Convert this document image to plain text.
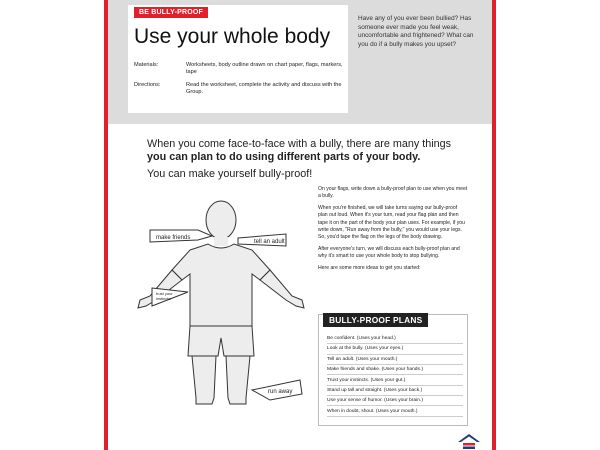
BE BULLY-PROOF
Use your whole body
Materials:	Worksheets, body outline drawn on chart paper, flags, markers, tape
Directions:	Read the worksheet, complete the activity and discuss with the Group.
Have any of you ever been bullied? Has someone ever made you feel weak, uncomfortable and frightened? What can you do if a bully makes you upset?
When you come face-to-face with a bully, there are many things
you can plan to do using different parts of your body.
You can make yourself bully-proof!
make friends
tell an adult
trust your
instincts
run away

On your flags, write down a bully-proof plan to use when you meet a bully.

When you're finished, we will take turns saying our bully-proof plan out loud. When it's your turn, read your flag plan and then tape it on the part of the body your plan uses. For example, if you write down, "Run away from the bully," you would use your legs. So, you'd tape the flag on the legs of the body drawing.

After everyone's turn, we will discuss each bully-proof plan and why it's smart to use your whole body to stop bullying.

Here are some more ideas to get you started:

BULLY-PROOF PLANS
Be confident. (Uses your head.)
Look at the bully. (Uses your eyes.)
Tell an adult. (Uses your mouth.)
Make friends and shake. (Uses your hands.)
Trust your instincts. (Uses your gut.)
Stand up tall and straight. (Uses your back.)
Use your sense of humor. (Uses your brain.)
When in doubt, shout. (Uses your mouth.)
